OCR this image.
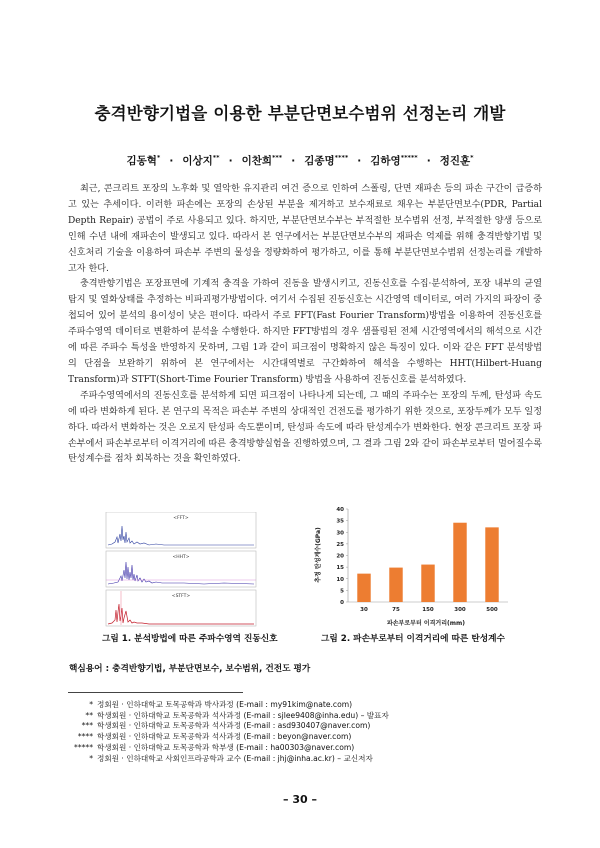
충격반향기법을 이용한 부분단면보수범위 선정논리 개발
김동혁* · 이상지** · 이찬희*** · 김종명**** · 김하영***** · 정진훈*

최근, 콘크리트 포장의 노후화 및 열악한 유지관리 여건 증으로 인하여 스폴링, 단면 재파손 등의 파손 구간이 급증하고 있는 추세이다. 이러한 파손에는 포장의 손상된 부분을 제거하고 보수재료로 채우는 부분단면보수(PDR, Partial Depth Repair) 공법이 주로 사용되고 있다. 하지만, 부분단면보수부는 부적절한 보수범위 선정, 부적절한 양생 등으로 인해 수년 내에 재파손이 발생되고 있다. 따라서 본 연구에서는 부분단면보수부의 재파손 억제를 위해 충격반향기법 및 신호처리 기술을 이용하여 파손부 주변의 물성을 정량화하여 평가하고, 이를 통해 부분단면보수범위 선정논리를 개발하고자 한다.

충격반향기법은 포장표면에 기계적 충격을 가하여 진동을 발생시키고, 진동신호를 수집·분석하여, 포장 내부의 균열탐지 및 열화상태를 추정하는 비파괴평가방법이다. 여기서 수집된 진동신호는 시간영역 데이터로, 여러 가지의 파장이 중첩되어 있어 분석의 용이성이 낮은 편이다. 따라서 주로 FFT(Fast Fourier Transform)방법을 이용하여 진동신호를 주파수영역 데이터로 변환하여 분석을 수행한다. 하지만 FFT방법의 경우 샘플링된 전체 시간영역에서의 해석으로 시간에 따른 주파수 특성을 반영하지 못하며, 그림 1과 같이 피크점이 명확하지 않은 특징이 있다. 이와 같은 FFT 분석방법의 단점을 보완하기 위하여 본 연구에서는 시간대역별로 구간화하여 해석을 수행하는 HHT(Hilbert-Huang Transform)과 STFT(Short-Time Fourier Transform) 방법을 사용하여 진동신호를 분석하였다.

주파수영역에서의 진동신호를 분석하게 되면 피크점이 나타나게 되는데, 그 때의 주파수는 포장의 두께, 탄성파 속도에 따라 변화하게 된다. 본 연구의 목적은 파손부 주변의 상대적인 건전도를 평가하기 위한 것으로, 포장두께가 모두 일정하다. 따라서 변화하는 것은 오로지 탄성파 속도뿐이며, 탄성파 속도에 따라 탄성계수가 변화한다. 현장 콘크리트 포장 파손부에서 파손부로부터 이격거리에 따른 충격방향실험을 진행하였으며, 그 결과 그림 2와 같이 파손부로부터 멀어질수록 탄성계수를 점차 회복하는 것을 확인하였다.

<FFT>
<HHT>
<STFT>
0
5
10
15
20
25
30
35
40
30	75	150	300	500
파손부로부터 이격거리(mm)
추정 탄성계수(GPa)
그림 1. 분석방법에 따른 주파수영역 진동신호	그림 2. 파손부로부터 이격거리에 따른 탄성계수
핵심용어 : 충격반향기법, 부분단면보수, 보수범위, 건전도 평가
* 정회원 · 인하대학교 토목공학과 박사과정 (E-mail : my91kim@nate.com)
** 학생회원 · 인하대학교 토목공학과 석사과정 (E-mail : sjlee9408@inha.edu) – 발표자
*** 학생회원 · 인하대학교 토목공학과 석사과정 (E-mail : asd930407@naver.com)
**** 학생회원 · 인하대학교 토목공학과 석사과정 (E-mail : beyon@naver.com)
***** 학생회원 · 인하대학교 토목공학과 학부생 (E-mail : ha00303@naver.com)
* 정회원 · 인하대학교 사회인프라공학과 교수 (E-mail : jhj@inha.ac.kr) – 교신저자
– 30 –
